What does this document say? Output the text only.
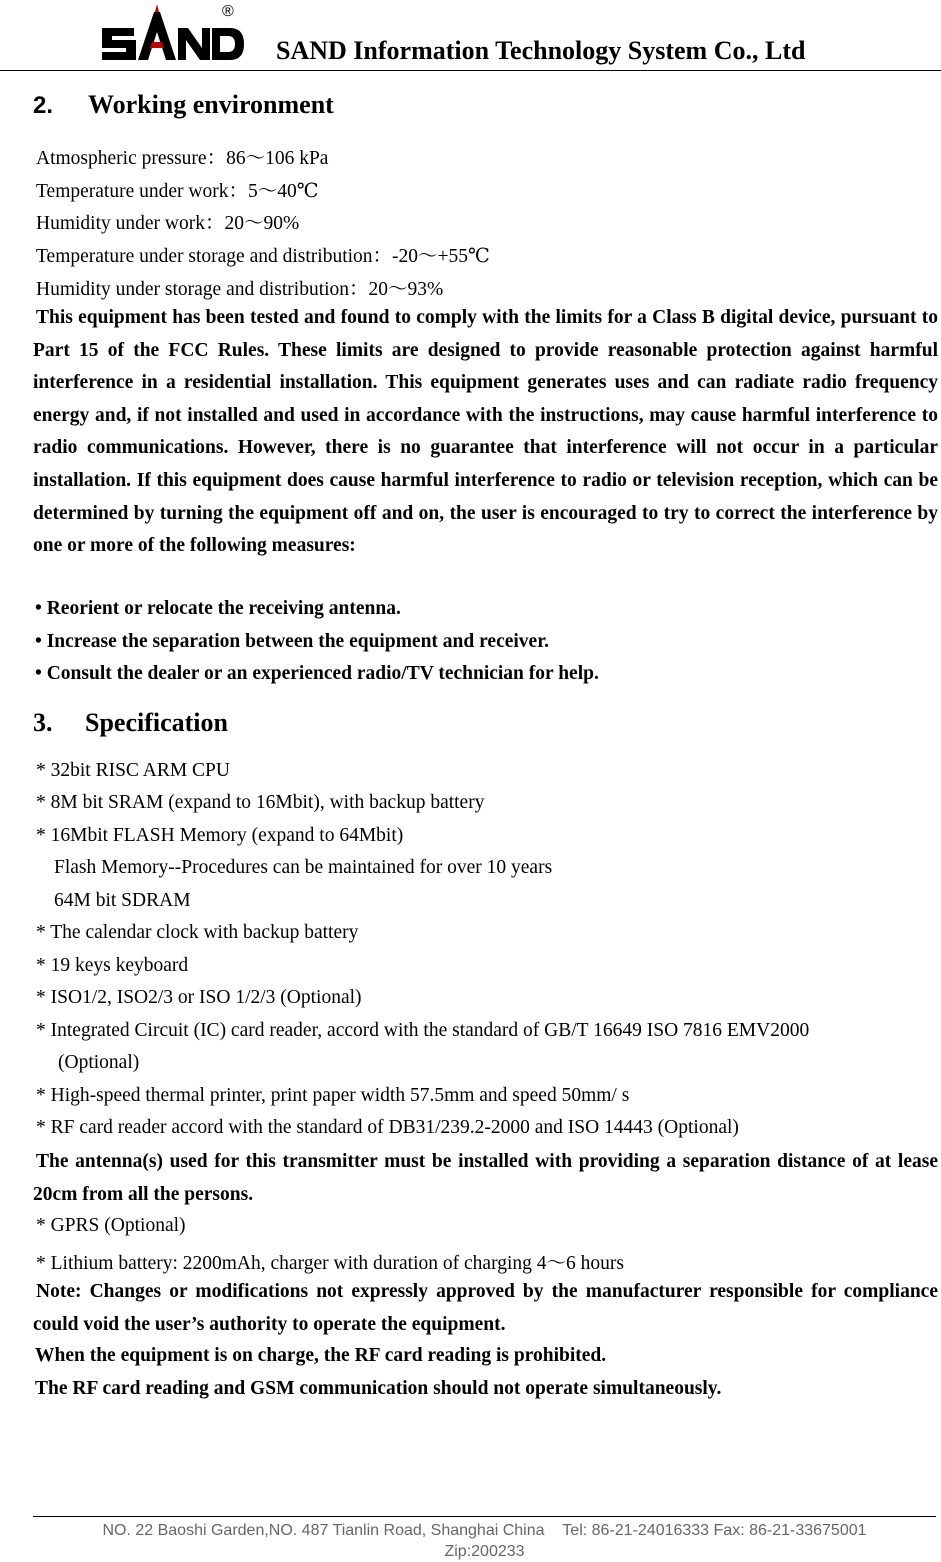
®
SAND Information Technology System Co., Ltd
2. Working environment
Atmospheric pressure：86～106 kPa
Temperature under work：5～40℃
Humidity under work：20～90%
Temperature under storage and distribution：-20～+55℃
Humidity under storage and distribution：20～93%
This equipment has been tested and found to comply with the limits for a Class B digital device, pursuant to Part 15 of the FCC Rules. These limits are designed to provide reasonable protection against harmful interference in a residential installation. This equipment generates uses and can radiate radio frequency energy and, if not installed and used in accordance with the instructions, may cause harmful interference to radio communications. However, there is no guarantee that interference will not occur in a particular installation. If this equipment does cause harmful interference to radio or television reception, which can be determined by turning the equipment off and on, the user is encouraged to try to correct the interference by one or more of the following measures:
• Reorient or relocate the receiving antenna.
• Increase the separation between the equipment and receiver.
• Consult the dealer or an experienced radio/TV technician for help.
3. Specification
* 32bit RISC ARM CPU
* 8M bit SRAM (expand to 16Mbit), with backup battery
* 16Mbit FLASH Memory (expand to 64Mbit)
Flash Memory--Procedures can be maintained for over 10 years
64M bit SDRAM
* The calendar clock with backup battery
* 19 keys keyboard
* ISO1/2, ISO2/3 or ISO 1/2/3 (Optional)
* Integrated Circuit (IC) card reader, accord with the standard of GB/T 16649 ISO 7816 EMV2000
(Optional)
* High-speed thermal printer, print paper width 57.5mm and speed 50mm/ s
* RF card reader accord with the standard of DB31/239.2-2000 and ISO 14443 (Optional)
The antenna(s) used for this transmitter must be installed with providing a separation distance of at lease 20cm from all the persons.
* GPRS (Optional)
* Lithium battery: 2200mAh, charger with duration of charging 4～6 hours
Note: Changes or modifications not expressly approved by the manufacturer responsible for compliance could void the user’s authority to operate the equipment.
When the equipment is on charge, the RF card reading is prohibited.
The RF card reading and GSM communication should not operate simultaneously.
NO. 22 Baoshi Garden,NO. 487 Tianlin Road, Shanghai China Tel: 86-21-24016333 Fax: 86-21-33675001
Zip:200233
